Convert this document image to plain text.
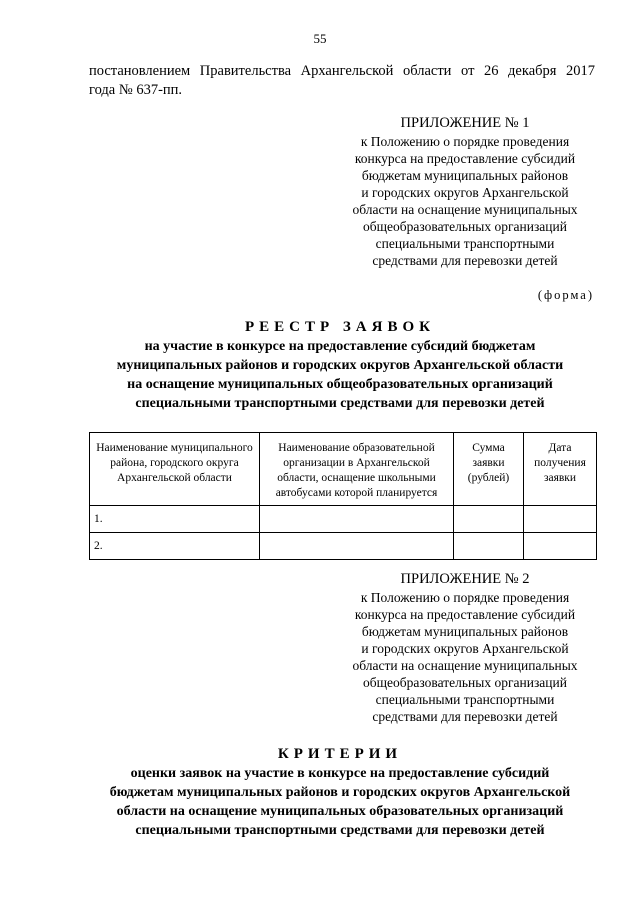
55
постановлением Правительства Архангельской области от 26 декабря 2017
года № 637-пп.
ПРИЛОЖЕНИЕ № 1
к Положению о порядке проведения
конкурса на предоставление субсидий
бюджетам муниципальных районов
и городских округов Архангельской
области на оснащение муниципальных
общеобразовательных организаций
специальными транспортными
средствами для перевозки детей
(форма)
РЕЕСТР ЗАЯВОК
на участие в конкурсе на предоставление субсидий бюджетам
муниципальных районов и городских округов Архангельской области
на оснащение муниципальных общеобразовательных организаций
специальными транспортными средствами для перевозки детей
Наименование муниципального района, городского округа Архангельской области	Наименование образовательной организации в Архангельской области, оснащение школьными автобусами которой планируется	Сумма заявки (рублей)	Дата получения заявки
1.			
2.			
ПРИЛОЖЕНИЕ № 2
к Положению о порядке проведения
конкурса на предоставление субсидий
бюджетам муниципальных районов
и городских округов Архангельской
области на оснащение муниципальных
общеобразовательных организаций
специальными транспортными
средствами для перевозки детей
КРИТЕРИИ
оценки заявок на участие в конкурсе на предоставление субсидий
бюджетам муниципальных районов и городских округов Архангельской
области на оснащение муниципальных образовательных организаций
специальными транспортными средствами для перевозки детей
